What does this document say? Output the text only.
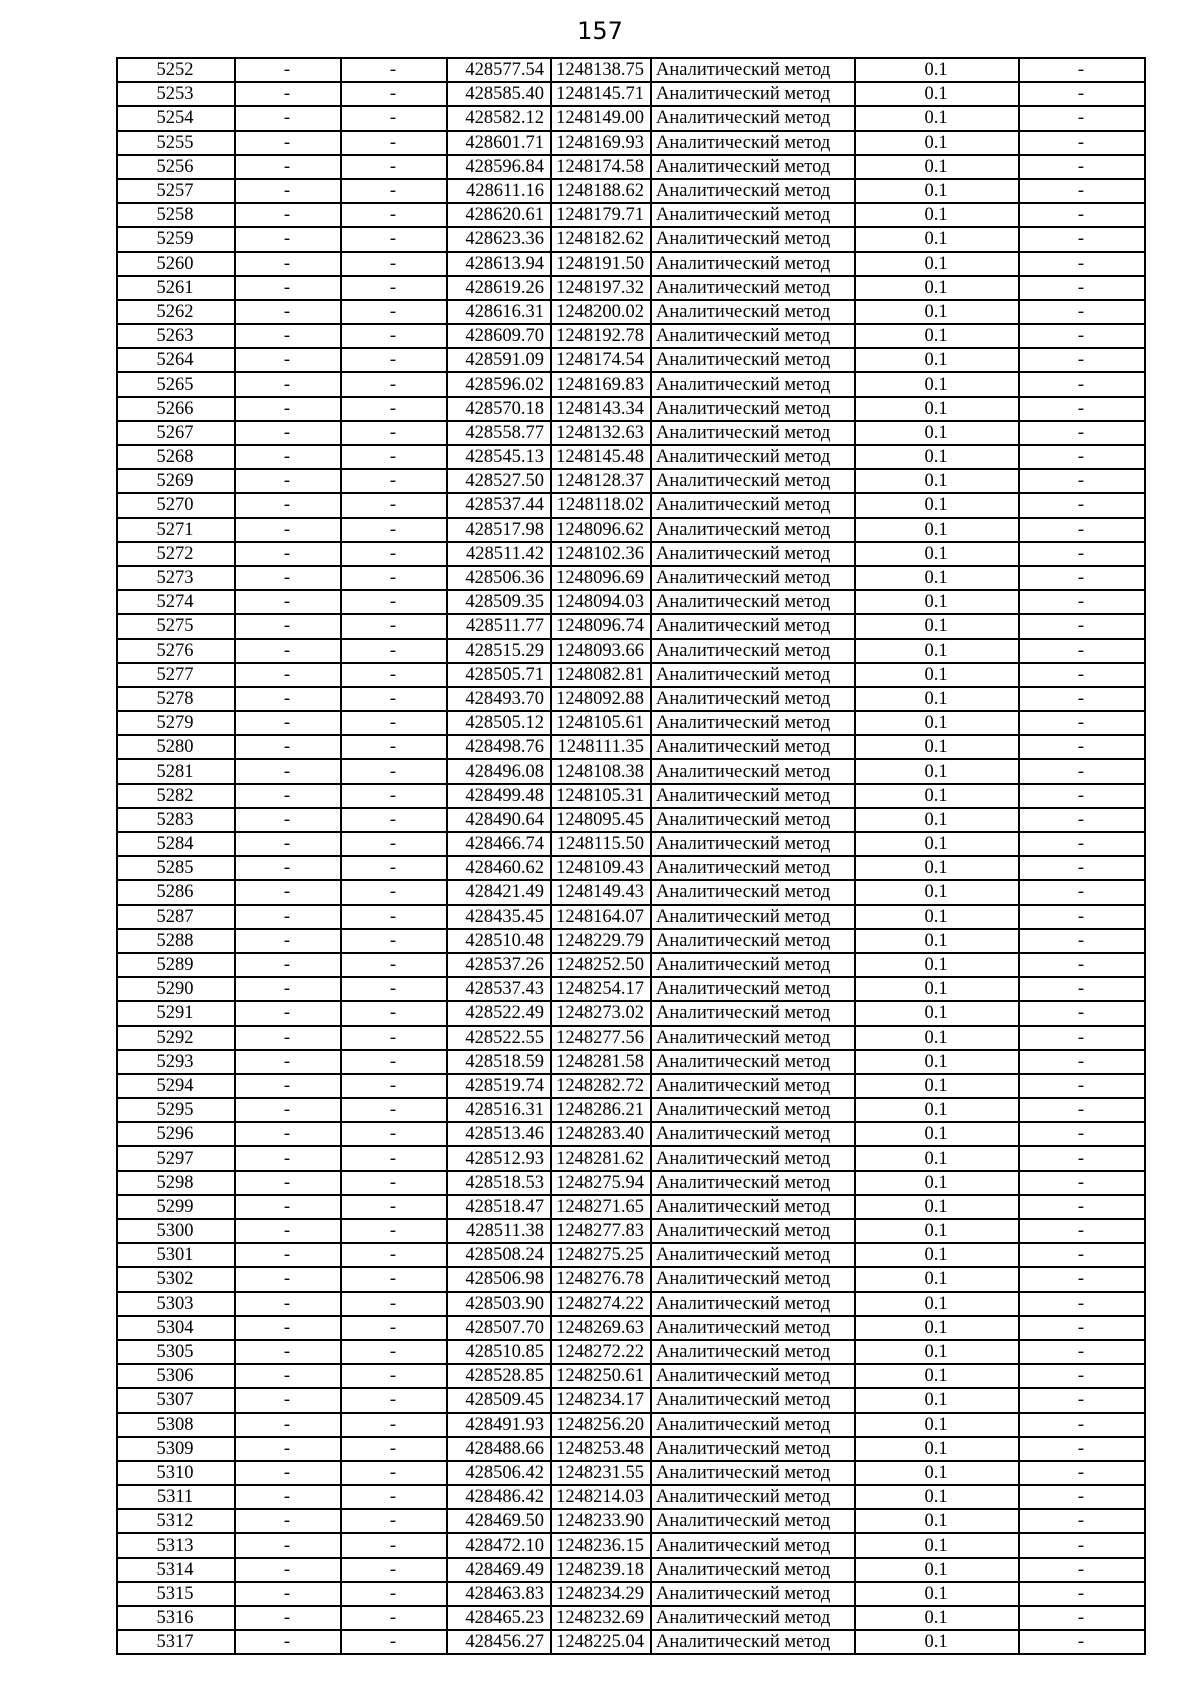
157
5252	-	-	428577.54	1248138.75	Аналитический метод	0.1	-
5253	-	-	428585.40	1248145.71	Аналитический метод	0.1	-
5254	-	-	428582.12	1248149.00	Аналитический метод	0.1	-
5255	-	-	428601.71	1248169.93	Аналитический метод	0.1	-
5256	-	-	428596.84	1248174.58	Аналитический метод	0.1	-
5257	-	-	428611.16	1248188.62	Аналитический метод	0.1	-
5258	-	-	428620.61	1248179.71	Аналитический метод	0.1	-
5259	-	-	428623.36	1248182.62	Аналитический метод	0.1	-
5260	-	-	428613.94	1248191.50	Аналитический метод	0.1	-
5261	-	-	428619.26	1248197.32	Аналитический метод	0.1	-
5262	-	-	428616.31	1248200.02	Аналитический метод	0.1	-
5263	-	-	428609.70	1248192.78	Аналитический метод	0.1	-
5264	-	-	428591.09	1248174.54	Аналитический метод	0.1	-
5265	-	-	428596.02	1248169.83	Аналитический метод	0.1	-
5266	-	-	428570.18	1248143.34	Аналитический метод	0.1	-
5267	-	-	428558.77	1248132.63	Аналитический метод	0.1	-
5268	-	-	428545.13	1248145.48	Аналитический метод	0.1	-
5269	-	-	428527.50	1248128.37	Аналитический метод	0.1	-
5270	-	-	428537.44	1248118.02	Аналитический метод	0.1	-
5271	-	-	428517.98	1248096.62	Аналитический метод	0.1	-
5272	-	-	428511.42	1248102.36	Аналитический метод	0.1	-
5273	-	-	428506.36	1248096.69	Аналитический метод	0.1	-
5274	-	-	428509.35	1248094.03	Аналитический метод	0.1	-
5275	-	-	428511.77	1248096.74	Аналитический метод	0.1	-
5276	-	-	428515.29	1248093.66	Аналитический метод	0.1	-
5277	-	-	428505.71	1248082.81	Аналитический метод	0.1	-
5278	-	-	428493.70	1248092.88	Аналитический метод	0.1	-
5279	-	-	428505.12	1248105.61	Аналитический метод	0.1	-
5280	-	-	428498.76	1248111.35	Аналитический метод	0.1	-
5281	-	-	428496.08	1248108.38	Аналитический метод	0.1	-
5282	-	-	428499.48	1248105.31	Аналитический метод	0.1	-
5283	-	-	428490.64	1248095.45	Аналитический метод	0.1	-
5284	-	-	428466.74	1248115.50	Аналитический метод	0.1	-
5285	-	-	428460.62	1248109.43	Аналитический метод	0.1	-
5286	-	-	428421.49	1248149.43	Аналитический метод	0.1	-
5287	-	-	428435.45	1248164.07	Аналитический метод	0.1	-
5288	-	-	428510.48	1248229.79	Аналитический метод	0.1	-
5289	-	-	428537.26	1248252.50	Аналитический метод	0.1	-
5290	-	-	428537.43	1248254.17	Аналитический метод	0.1	-
5291	-	-	428522.49	1248273.02	Аналитический метод	0.1	-
5292	-	-	428522.55	1248277.56	Аналитический метод	0.1	-
5293	-	-	428518.59	1248281.58	Аналитический метод	0.1	-
5294	-	-	428519.74	1248282.72	Аналитический метод	0.1	-
5295	-	-	428516.31	1248286.21	Аналитический метод	0.1	-
5296	-	-	428513.46	1248283.40	Аналитический метод	0.1	-
5297	-	-	428512.93	1248281.62	Аналитический метод	0.1	-
5298	-	-	428518.53	1248275.94	Аналитический метод	0.1	-
5299	-	-	428518.47	1248271.65	Аналитический метод	0.1	-
5300	-	-	428511.38	1248277.83	Аналитический метод	0.1	-
5301	-	-	428508.24	1248275.25	Аналитический метод	0.1	-
5302	-	-	428506.98	1248276.78	Аналитический метод	0.1	-
5303	-	-	428503.90	1248274.22	Аналитический метод	0.1	-
5304	-	-	428507.70	1248269.63	Аналитический метод	0.1	-
5305	-	-	428510.85	1248272.22	Аналитический метод	0.1	-
5306	-	-	428528.85	1248250.61	Аналитический метод	0.1	-
5307	-	-	428509.45	1248234.17	Аналитический метод	0.1	-
5308	-	-	428491.93	1248256.20	Аналитический метод	0.1	-
5309	-	-	428488.66	1248253.48	Аналитический метод	0.1	-
5310	-	-	428506.42	1248231.55	Аналитический метод	0.1	-
5311	-	-	428486.42	1248214.03	Аналитический метод	0.1	-
5312	-	-	428469.50	1248233.90	Аналитический метод	0.1	-
5313	-	-	428472.10	1248236.15	Аналитический метод	0.1	-
5314	-	-	428469.49	1248239.18	Аналитический метод	0.1	-
5315	-	-	428463.83	1248234.29	Аналитический метод	0.1	-
5316	-	-	428465.23	1248232.69	Аналитический метод	0.1	-
5317	-	-	428456.27	1248225.04	Аналитический метод	0.1	-
